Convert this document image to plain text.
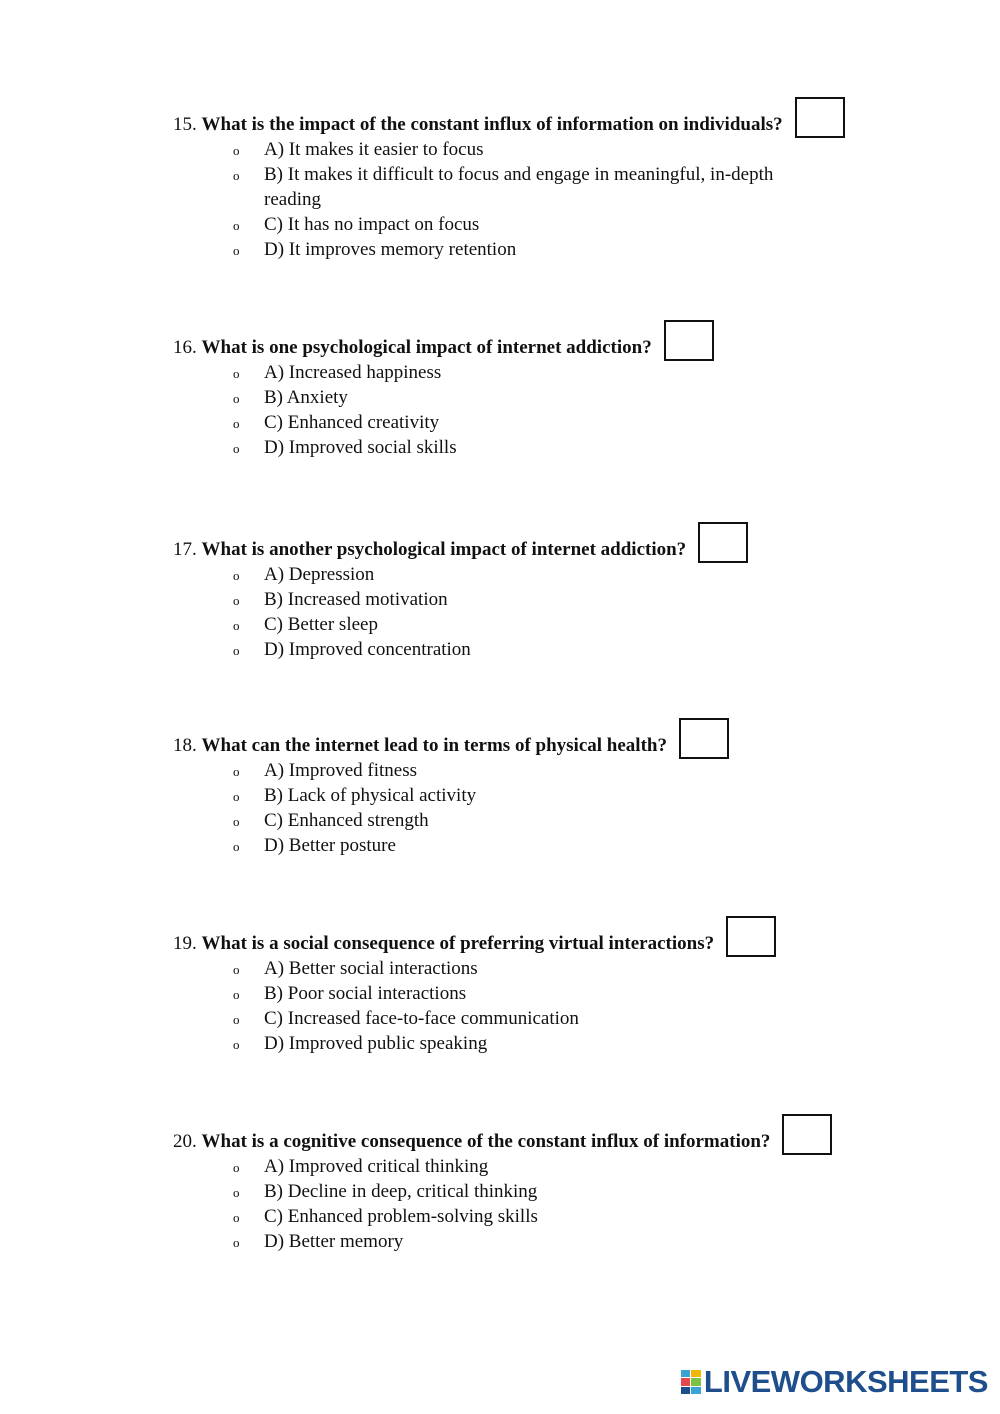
15. What is the impact of the constant influx of information on individuals?
o A) It makes it easier to focus
o B) It makes it difficult to focus and engage in meaningful, in-depth reading
o C) It has no impact on focus
o D) It improves memory retention
16. What is one psychological impact of internet addiction?
o A) Increased happiness
o B) Anxiety
o C) Enhanced creativity
o D) Improved social skills
17. What is another psychological impact of internet addiction?
o A) Depression
o B) Increased motivation
o C) Better sleep
o D) Improved concentration
18. What can the internet lead to in terms of physical health?
o A) Improved fitness
o B) Lack of physical activity
o C) Enhanced strength
o D) Better posture
19. What is a social consequence of preferring virtual interactions?
o A) Better social interactions
o B) Poor social interactions
o C) Increased face-to-face communication
o D) Improved public speaking
20. What is a cognitive consequence of the constant influx of information?
o A) Improved critical thinking
o B) Decline in deep, critical thinking
o C) Enhanced problem-solving skills
o D) Better memory
LIVEWORKSHEETS
